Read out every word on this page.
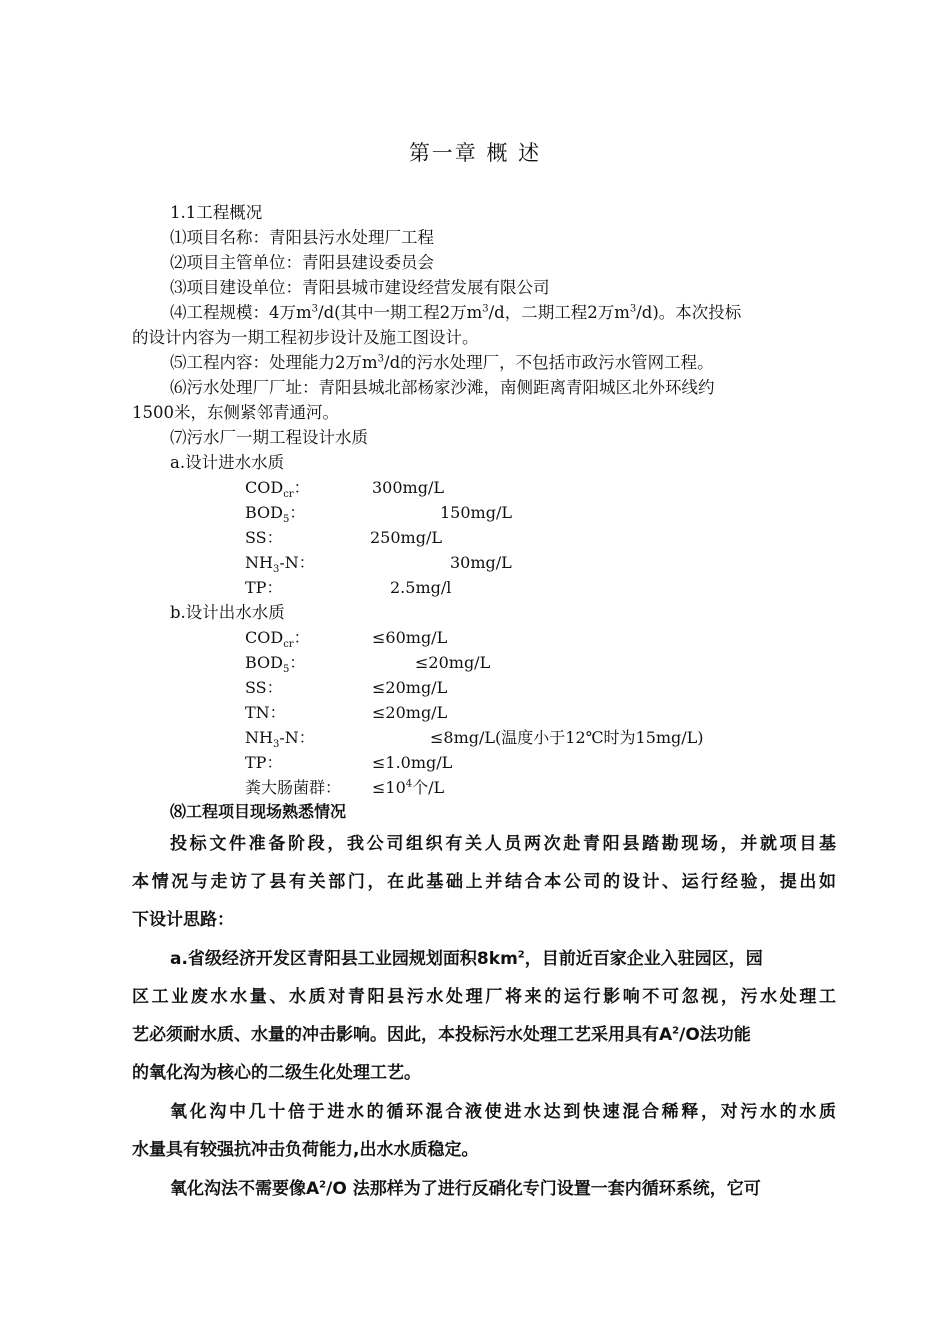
第一章 概 述
1.1工程概况
⑴项目名称：青阳县污水处理厂工程
⑵项目主管单位：青阳县建设委员会
⑶项目建设单位：青阳县城市建设经营发展有限公司
⑷工程规模：4万$m^3/d$(其中一期工程2万$m^3/d$，二期工程2万$m^3/d$)。本次投标
的设计内容为一期工程初步设计及施工图设计。
⑸工程内容：处理能力2万$m^3/d$的污水处理厂，不包括市政污水管网工程。
⑹污水处理厂厂址：青阳县城北部杨家沙滩，南侧距离青阳城区北外环线约
1500米，东侧紧邻青通河。
⑺污水厂一期工程设计水质
a.设计进水水质
$COD_{cr}$：	300mg/L
$BOD_5$：	150mg/L
SS：	250mg/L
$NH_3-N$：	30mg/L
TP：	2.5mg/l
b.设计出水水质
$COD_{cr}$：	≤60mg/L
$BOD_5$：	≤20mg/L
SS：	≤20mg/L
TN：	≤20mg/L
$NH_3-N$：	≤8mg/L(温度小于12℃时为15mg/L)
TP：	≤1.0mg/L
粪大肠菌群： $\le 10^4$个/L
⑻工程项目现场熟悉情况
投标文件准备阶段，我公司组织有关人员两次赴青阳县踏勘现场，并就项目基
本情况与走访了县有关部门，在此基础上并结合本公司的设计、运行经验，提出如
下设计思路：
a.省级经济开发区青阳县工业园规划面积$8km^2$，目前近百家企业入驻园区，园
区工业废水水量、水质对青阳县污水处理厂将来的运行影响不可忽视，污水处理工
艺必须耐水质、水量的冲击影响。因此，本投标污水处理工艺采用具有$A^2/O$法功能
的氧化沟为核心的二级生化处理工艺。
氧化沟中几十倍于进水的循环混合液使进水达到快速混合稀释，对污水的水质
水量具有较强抗冲击负荷能力,出水水质稳定。
氧化沟法不需要像$A^2/O$ 法那样为了进行反硝化专门设置一套内循环系统，它可
